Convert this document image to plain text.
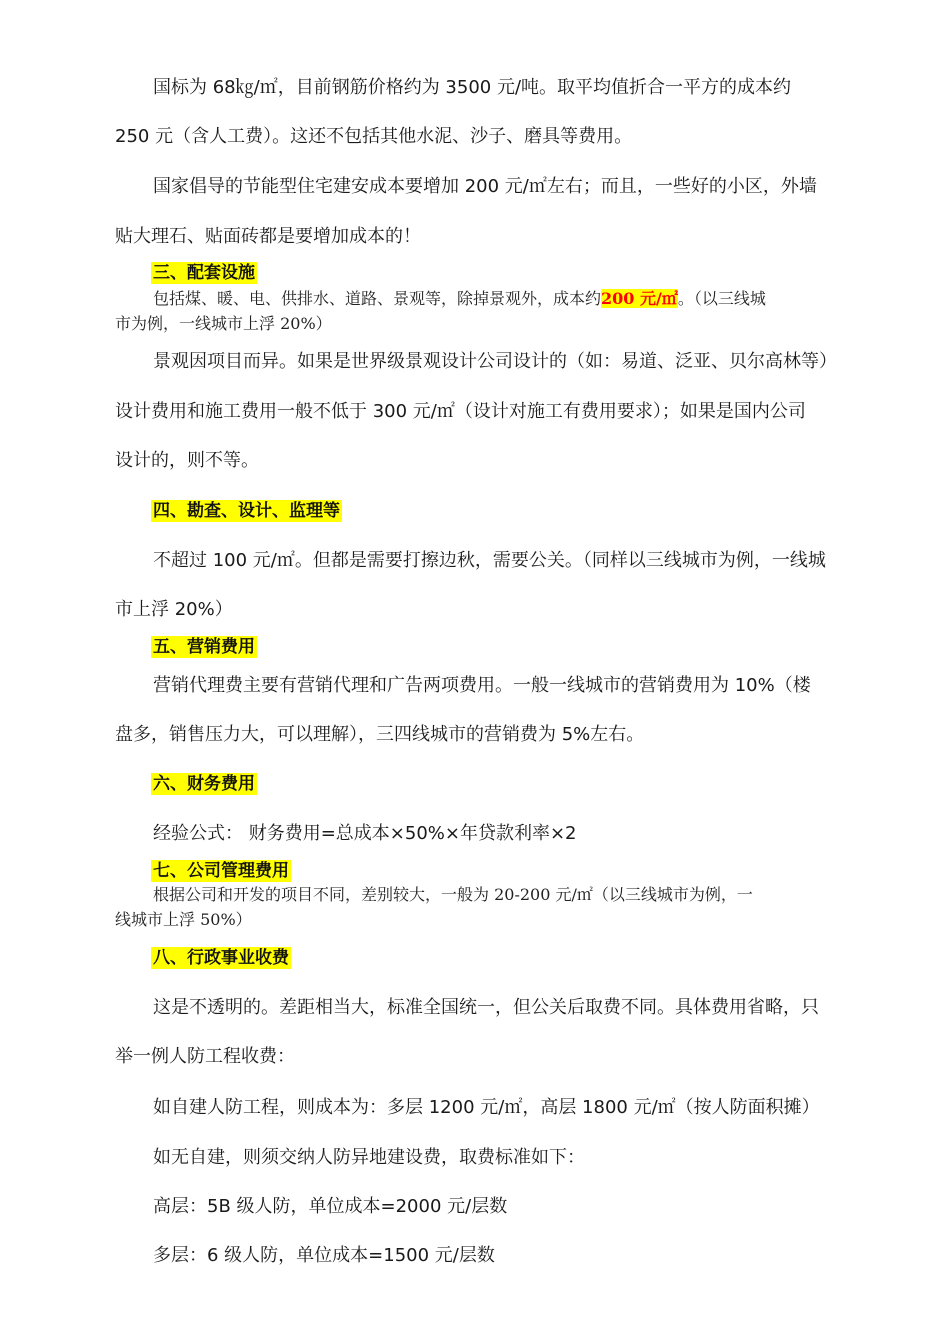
国标为 68㎏/㎡，目前钢筋价格约为 3500 元/吨。取平均值折合一平方的成本约
250 元（含人工费）。这还不包括其他水泥、沙子、磨具等费用。
国家倡导的节能型住宅建安成本要增加 200 元/㎡左右；而且，一些好的小区，外墙
贴大理石、贴面砖都是要增加成本的！
三、配套设施
包括煤、暖、电、供排水、道路、景观等，除掉景观外，成本约200 元/㎡。（以三线城
市为例，一线城市上浮 20%）
景观因项目而异。如果是世界级景观设计公司设计的（如：易道、泛亚、贝尔高林等）
设计费用和施工费用一般不低于 300 元/㎡（设计对施工有费用要求）；如果是国内公司
设计的，则不等。
四、勘查、设计、监理等
不超过 100 元/㎡。但都是需要打擦边秋，需要公关。（同样以三线城市为例，一线城
市上浮 20%）
五、营销费用
营销代理费主要有营销代理和广告两项费用。一般一线城市的营销费用为 10%（楼
盘多，销售压力大，可以理解），三四线城市的营销费为 5%左右。
六、财务费用
经验公式： 财务费用=总成本×50%×年贷款利率×2
七、公司管理费用
根据公司和开发的项目不同，差别较大，一般为 20-200 元/㎡（以三线城市为例，一
线城市上浮 50%）
八、行政事业收费
这是不透明的。差距相当大，标准全国统一，但公关后取费不同。具体费用省略，只
举一例人防工程收费：
如自建人防工程，则成本为：多层 1200 元/㎡，高层 1800 元/㎡（按人防面积摊）
如无自建，则须交纳人防异地建设费，取费标准如下：
高层：5B 级人防，单位成本=2000 元/层数
多层：6 级人防，单位成本=1500 元/层数
